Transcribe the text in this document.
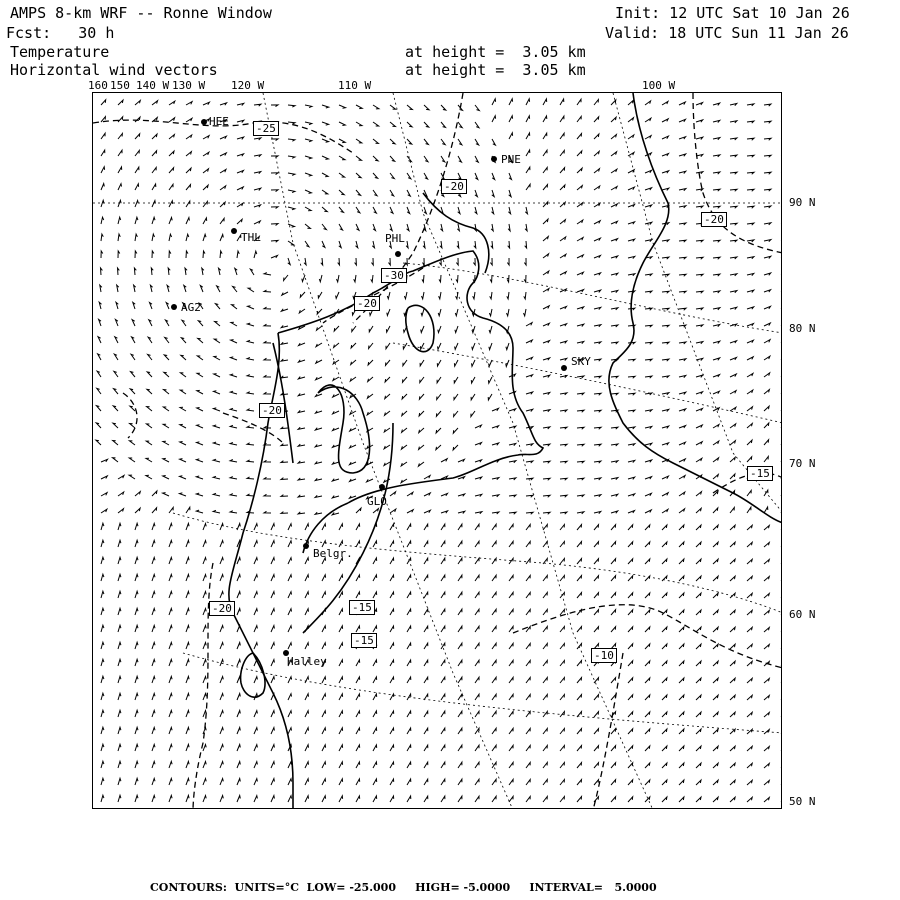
AMPS 8-km WRF -- Ronne Window	Init: 12 UTC Sat 10 Jan 26
Fcst:   30 h	Valid: 18 UTC Sun 11 Jan 26
Temperature
Horizontal wind vectors
at height =  3.05 km
at height =  3.05 km
160 150 140 W 130 W 120 W	110 W	100 W
90 N
80 N
70 N
60 N
50 N
HEE
PNE
PHL
THL
AG2
SKY
GLO
Belgr.
Halley
-25
-20
-20
-30
-20
-20
-15
-20	-15
-15
-10
CONTOURS:  UNITS=°C  LOW= -25.000     HIGH= -5.0000     INTERVAL=   5.0000
